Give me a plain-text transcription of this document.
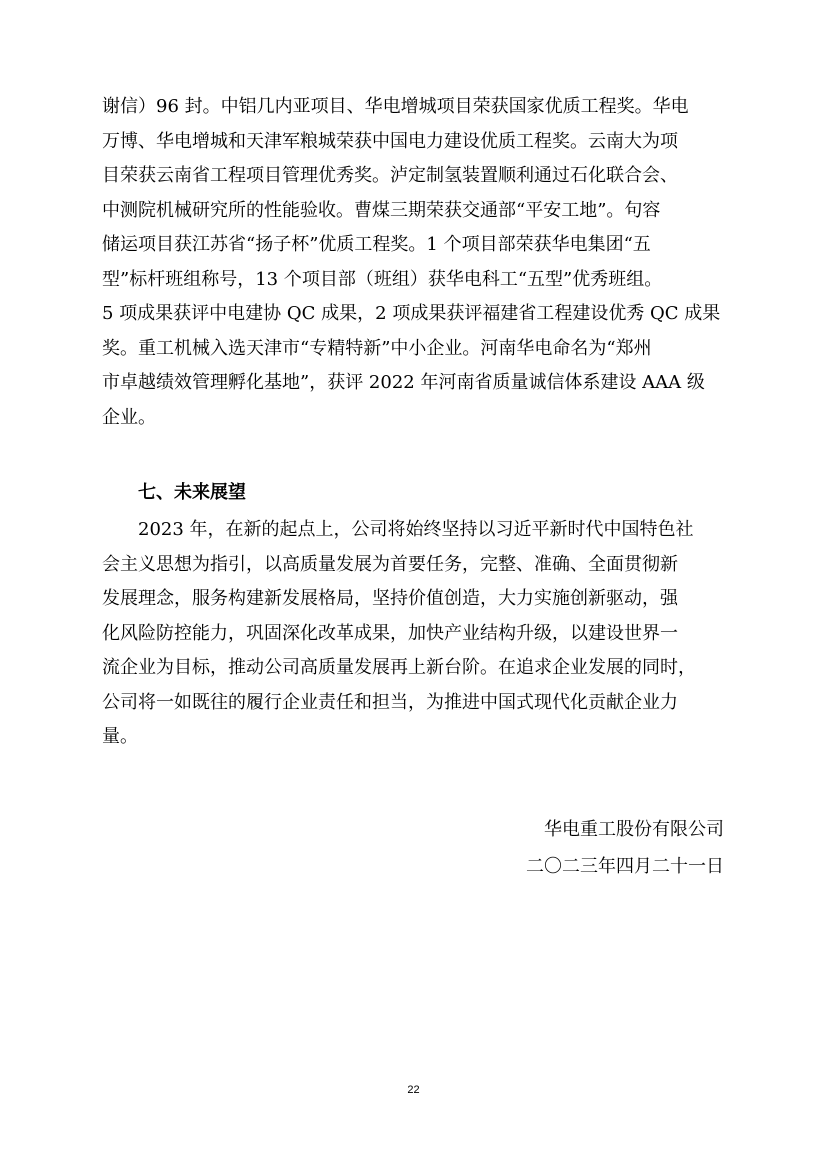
谢信）96 封。中铝几内亚项目、华电增城项目荣获国家优质工程奖。华电
万博、华电增城和天津军粮城荣获中国电力建设优质工程奖。云南大为项
目荣获云南省工程项目管理优秀奖。泸定制氢装置顺利通过石化联合会、
中测院机械研究所的性能验收。曹煤三期荣获交通部“平安工地”。句容
储运项目获江苏省“扬子杯”优质工程奖。1 个项目部荣获华电集团“五
型”标杆班组称号，13 个项目部（班组）获华电科工“五型”优秀班组。
5 项成果获评中电建协 QC 成果，2 项成果获评福建省工程建设优秀 QC 成果
奖。重工机械入选天津市“专精特新”中小企业。河南华电命名为“郑州
市卓越绩效管理孵化基地”，获评 2022 年河南省质量诚信体系建设 AAA 级
企业。
七、未来展望
2023 年，在新的起点上，公司将始终坚持以习近平新时代中国特色社
会主义思想为指引，以高质量发展为首要任务，完整、准确、全面贯彻新
发展理念，服务构建新发展格局，坚持价值创造，大力实施创新驱动，强
化风险防控能力，巩固深化改革成果，加快产业结构升级，以建设世界一
流企业为目标，推动公司高质量发展再上新台阶。在追求企业发展的同时，
公司将一如既往的履行企业责任和担当，为推进中国式现代化贡献企业力
量。
华电重工股份有限公司
二〇二三年四月二十一日
22
